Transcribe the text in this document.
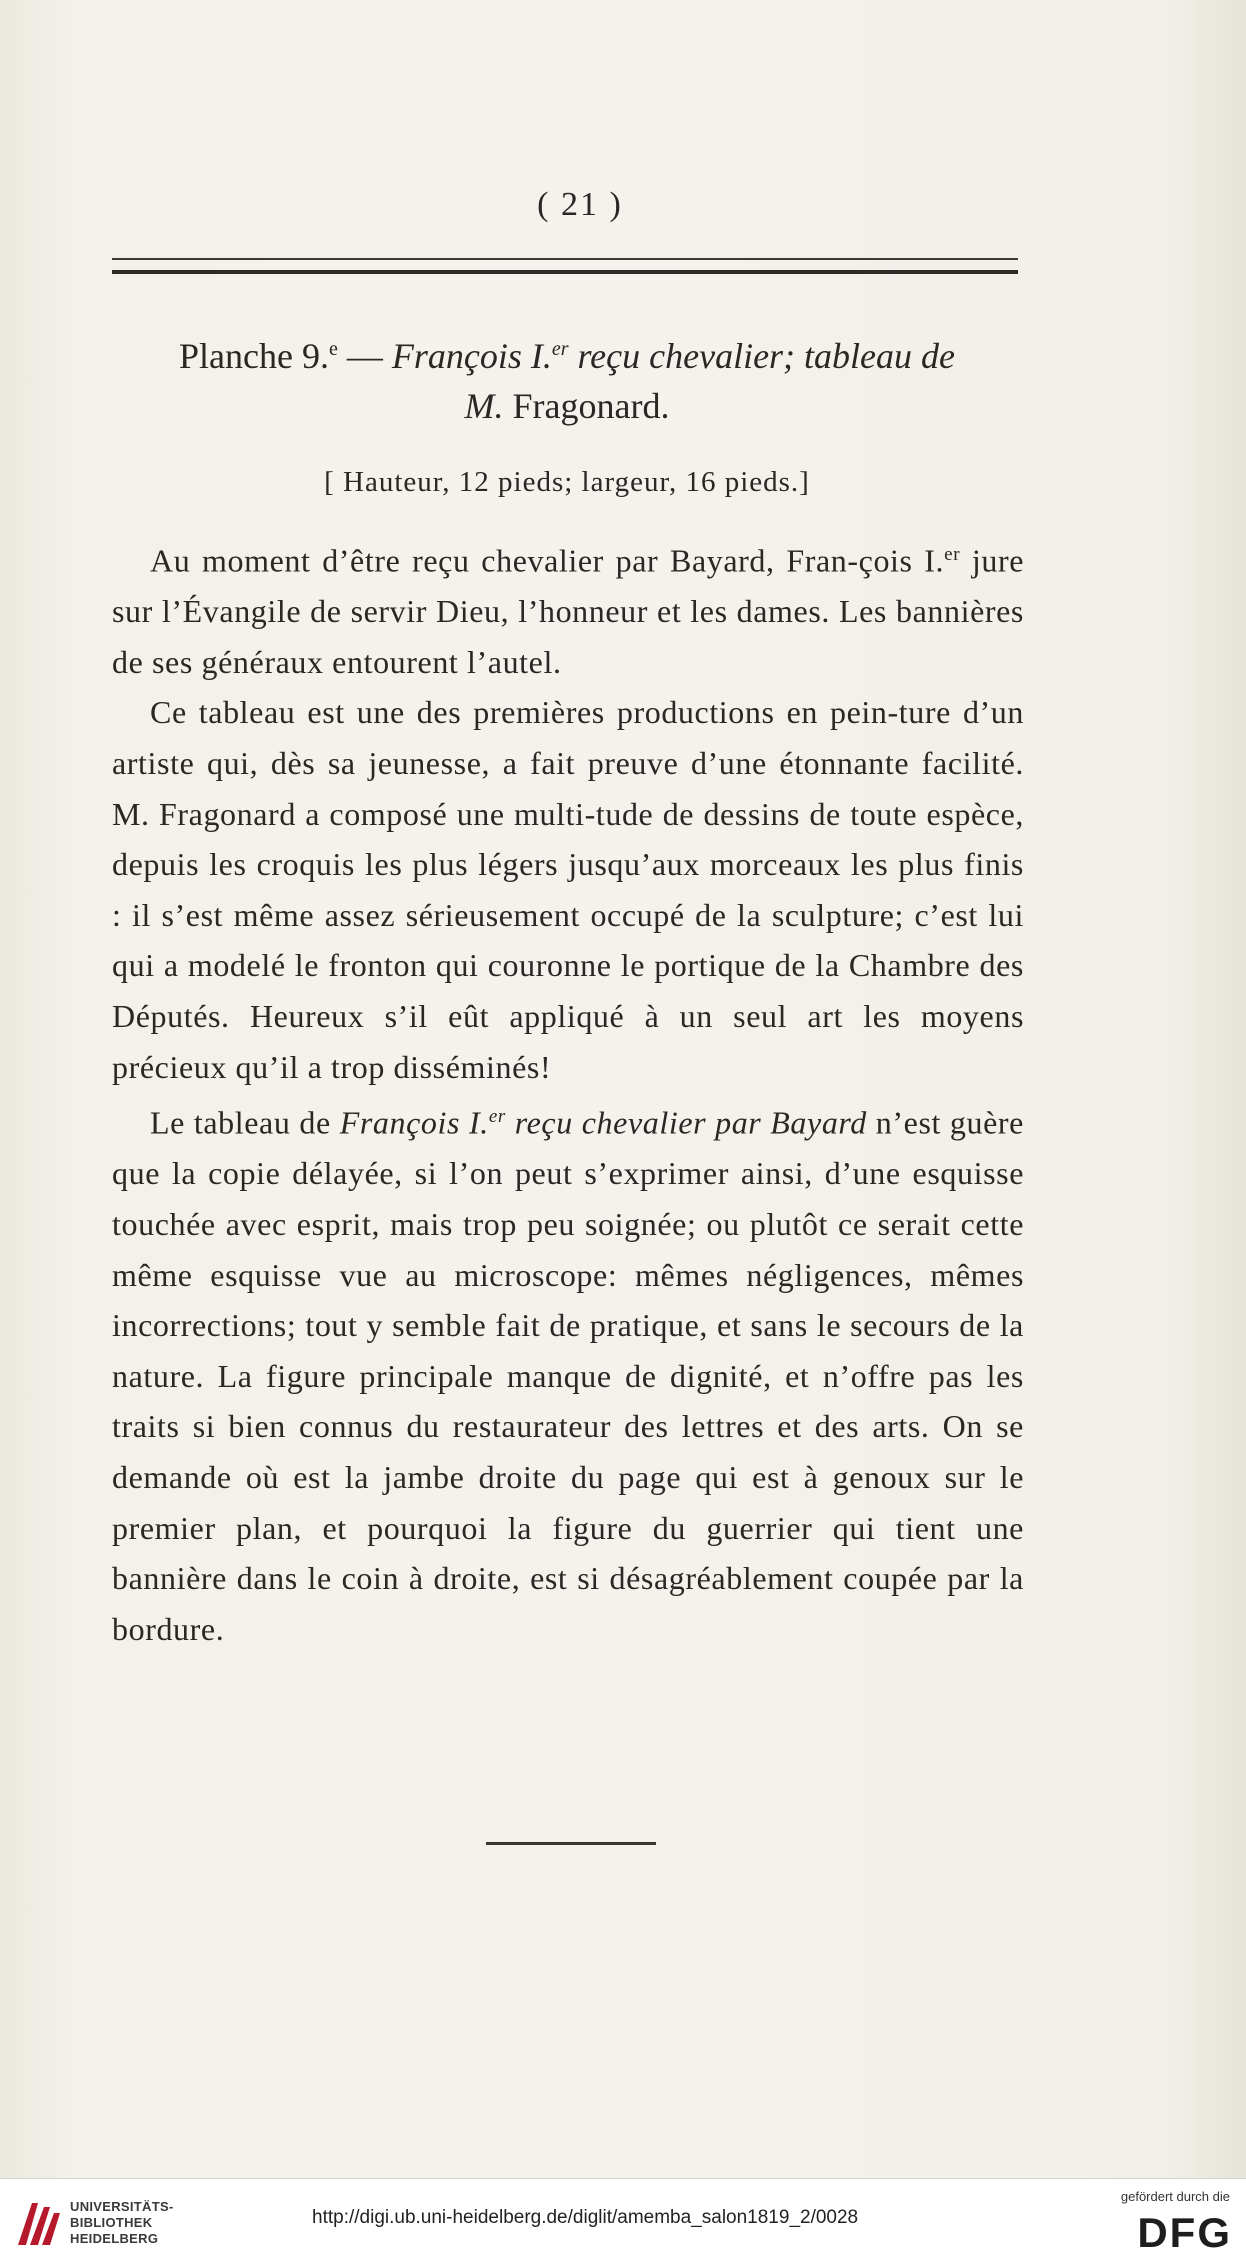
( 21 )
Planche 9.$^e$ — François I.$^{er}$ reçu chevalier; tableau de
M. Fragonard.
[ Hauteur, 12 pieds; largeur, 16 pieds.]

Au moment d’être reçu chevalier par Bayard, Fran-çois I.$^{er}$ jure sur l’Évangile de servir Dieu, l’honneur et les dames. Les bannières de ses généraux entourent l’autel.

Ce tableau est une des premières productions en pein-ture d’un artiste qui, dès sa jeunesse, a fait preuve d’une étonnante facilité. M. Fragonard a composé une multi-tude de dessins de toute espèce, depuis les croquis les plus légers jusqu’aux morceaux les plus finis : il s’est même assez sérieusement occupé de la sculpture; c’est lui qui a modelé le fronton qui couronne le portique de la Chambre des Députés. Heureux s’il eût appliqué à un seul art les moyens précieux qu’il a trop disséminés!

Le tableau de François I.$^{er}$ reçu chevalier par Bayard n’est guère que la copie délayée, si l’on peut s’exprimer ainsi, d’une esquisse touchée avec esprit, mais trop peu soignée; ou plutôt ce serait cette même esquisse vue au microscope: mêmes négligences, mêmes incorrections; tout y semble fait de pratique, et sans le secours de la nature. La figure principale manque de dignité, et n’offre pas les traits si bien connus du restaurateur des lettres et des arts. On se demande où est la jambe droite du page qui est à genoux sur le premier plan, et pourquoi la figure du guerrier qui tient une bannière dans le coin à droite, est si désagréablement coupée par la bordure.

UNIVERSITÄTS-
BIBLIOTHEK
HEIDELBERG
http://digi.ub.uni-heidelberg.de/diglit/amemba_salon1819_2/0028
gefördert durch die
DFG
